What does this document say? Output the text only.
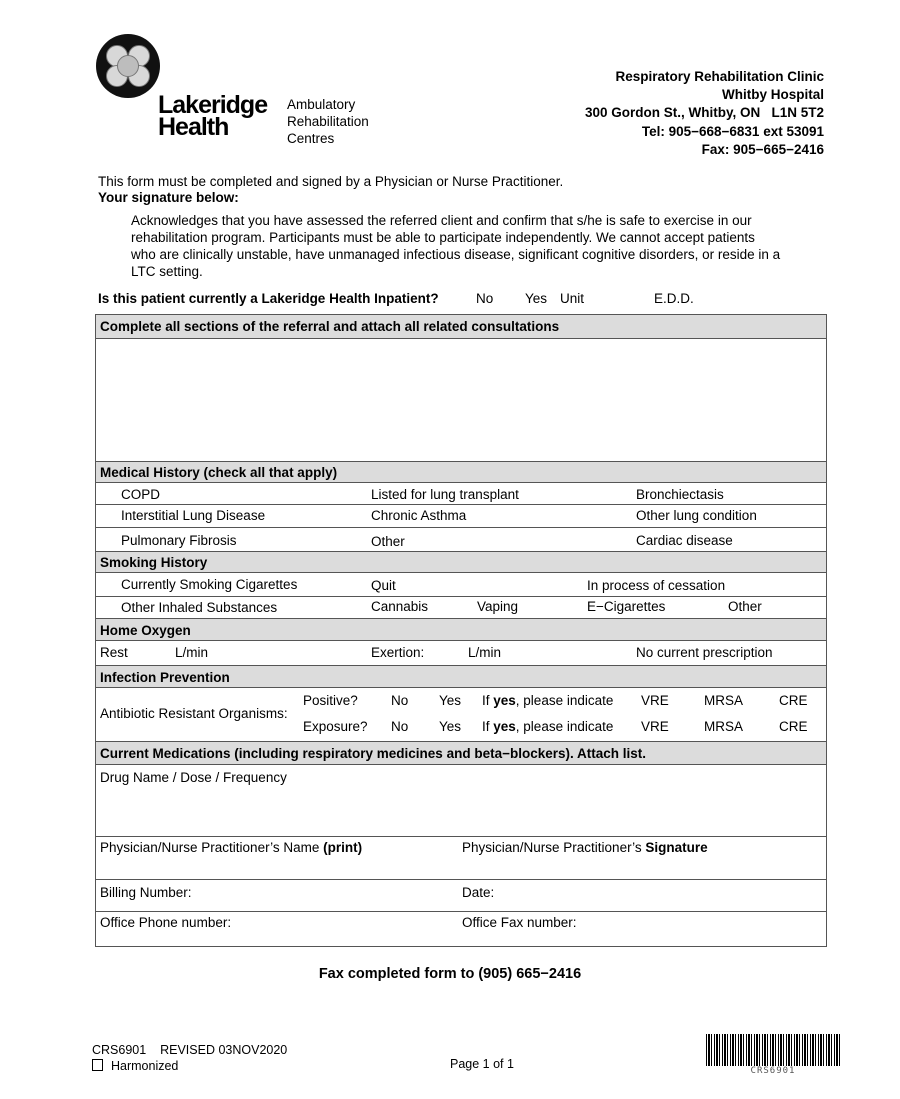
Lakeridge
Health
Ambulatory
Rehabilitation
Centres
Respiratory Rehabilitation Clinic
Whitby Hospital
300 Gordon St., Whitby, ON   L1N 5T2
Tel: 905−668−6831 ext 53091
Fax: 905−665−2416
This form must be completed and signed by a Physician or Nurse Practitioner.
Your signature below:
Acknowledges that you have assessed the referred client and confirm that s/he is safe to exercise in our rehabilitation program. Participants must be able to participate independently. We cannot accept patients who are clinically unstable, have unmanaged infectious disease, significant cognitive disorders, or reside in a LTC setting.
Is this patient currently a Lakeridge Health Inpatient?	No Yes Unit	E.D.D.
Complete all sections of the referral and attach all related consultations
Medical History (check all that apply)
COPD	Listed for lung transplant	Bronchiectasis
Interstitial Lung Disease	Chronic Asthma	Other lung condition
Pulmonary Fibrosis	Other	Cardiac disease
Smoking History
Currently Smoking Cigarettes	Quit	In process of cessation
Other Inhaled Substances	Cannabis	Vaping	E−Cigarettes	Other
Home Oxygen
Rest	L/min	Exertion:	L/min	No current prescription
Infection Prevention
Antibiotic Resistant Organisms:
Positive? No Yes If yes, please indicate VRE	MRSA	CRE
Exposure? No Yes If yes, please indicate VRE	MRSA	CRE
Current Medications (including respiratory medicines and beta−blockers). Attach list.
Drug Name / Dose / Frequency
Physician/Nurse Practitioner’s Name (print)	Physician/Nurse Practitioner’s Signature
Billing Number:	Date:
Office Phone number:	Office Fax number:
Fax completed form to (905) 665−2416
CRS6901 REVISED 03NOV2020
Harmonized	Page 1 of 1	CRS6901
